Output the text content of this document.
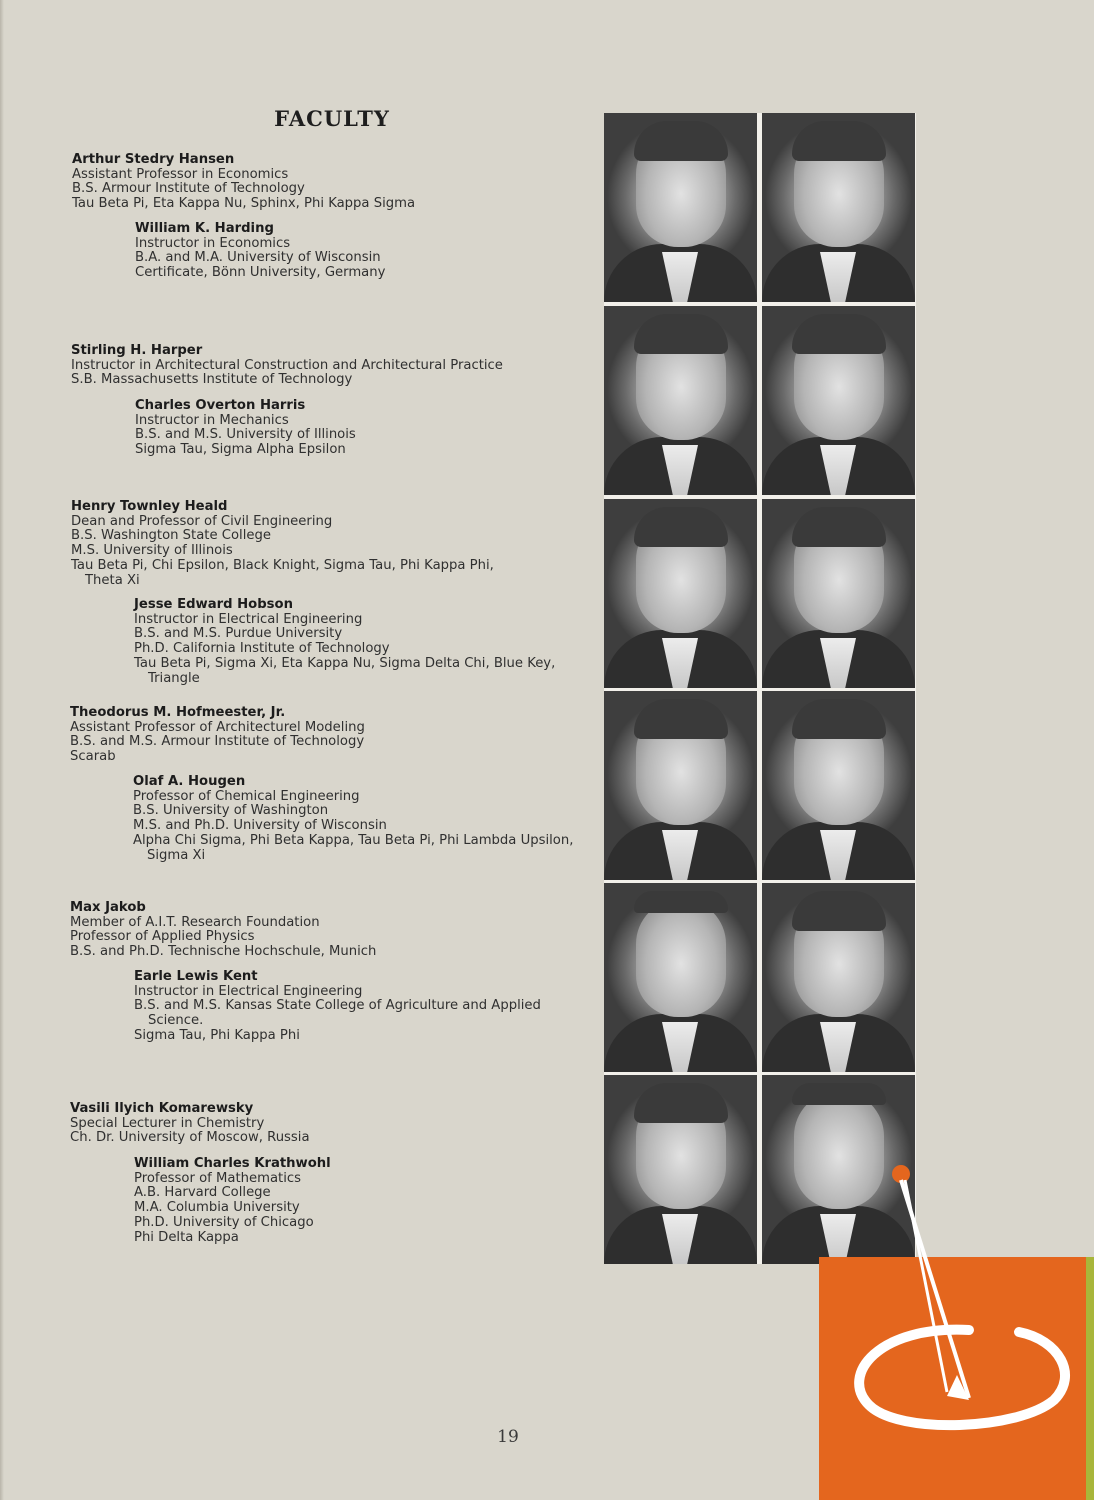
FACULTY
Arthur Stedry Hansen
Assistant Professor in Economics
B.S. Armour Institute of Technology
Tau Beta Pi, Eta Kappa Nu, Sphinx, Phi Kappa Sigma
William K. Harding
Instructor in Economics
B.A. and M.A. University of Wisconsin
Certificate, Bönn University, Germany
Stirling H. Harper
Instructor in Architectural Construction and Architectural Practice
S.B. Massachusetts Institute of Technology
Charles Overton Harris
Instructor in Mechanics
B.S. and M.S. University of Illinois
Sigma Tau, Sigma Alpha Epsilon
Henry Townley Heald
Dean and Professor of Civil Engineering
B.S. Washington State College
M.S. University of Illinois
Tau Beta Pi, Chi Epsilon, Black Knight, Sigma Tau, Phi Kappa Phi,
Theta Xi
Jesse Edward Hobson
Instructor in Electrical Engineering
B.S. and M.S. Purdue University
Ph.D. California Institute of Technology
Tau Beta Pi, Sigma Xi, Eta Kappa Nu, Sigma Delta Chi, Blue Key,
Triangle
Theodorus M. Hofmeester, Jr.
Assistant Professor of Architecturel Modeling
B.S. and M.S. Armour Institute of Technology
Scarab
Olaf A. Hougen
Professor of Chemical Engineering
B.S. University of Washington
M.S. and Ph.D. University of Wisconsin
Alpha Chi Sigma, Phi Beta Kappa, Tau Beta Pi, Phi Lambda Upsilon,
Sigma Xi
Max Jakob
Member of A.I.T. Research Foundation
Professor of Applied Physics
B.S. and Ph.D. Technische Hochschule, Munich
Earle Lewis Kent
Instructor in Electrical Engineering
B.S. and M.S. Kansas State College of Agriculture and Applied
Science.
Sigma Tau, Phi Kappa Phi
Vasili Ilyich Komarewsky
Special Lecturer in Chemistry
Ch. Dr. University of Moscow, Russia
William Charles Krathwohl
Professor of Mathematics
A.B. Harvard College
M.A. Columbia University
Ph.D. University of Chicago
Phi Delta Kappa
19
